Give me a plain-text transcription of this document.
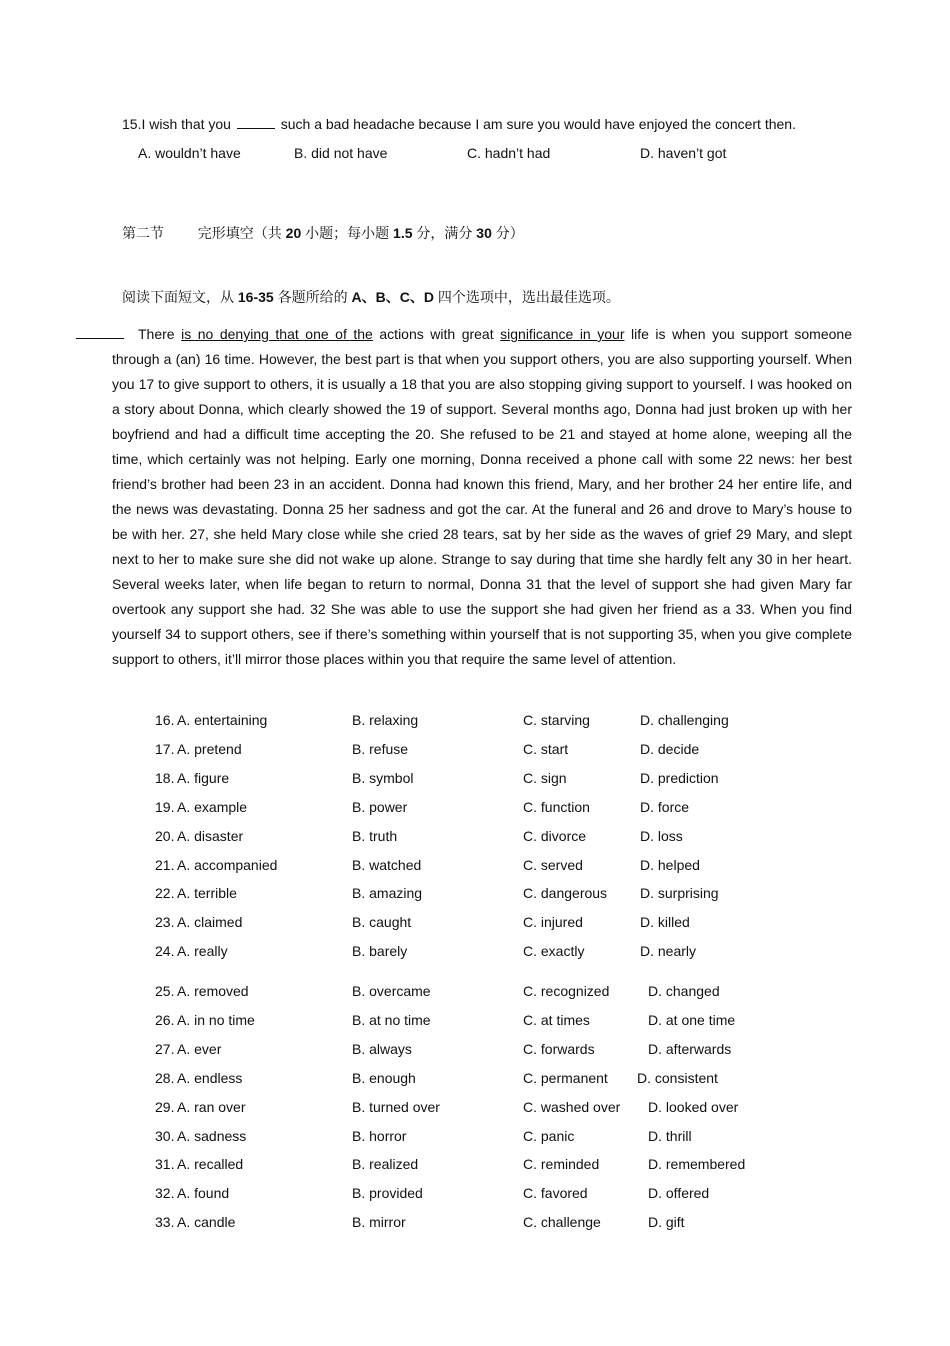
15.I wish that you	such a bad headache because I am sure you would have enjoyed the concert then.
A. wouldn’t have	B. did not have	C. hadn’t had	D. haven’t got
第二节 完形填空（共 20 小题；每小题 1.5 分，满分 30 分）
阅读下面短文，从 16-35 各题所给的 A、B、C、D 四个选项中，选出最佳选项。
There is no denying that one of the actions with great significance in your life is when you support someone through a (an) 16 time. However, the best part is that when you support others, you are also supporting yourself. When you 17 to give support to others, it is usually a 18 that you are also stopping giving support to yourself. I was hooked on a story about Donna, which clearly showed the 19 of support. Several months ago, Donna had just broken up with her boyfriend and had a difficult time accepting the 20. She refused to be 21 and stayed at home alone, weeping all the time, which certainly was not helping. Early one morning, Donna received a phone call with some 22 news: her best friend’s brother had been 23 in an accident. Donna had known this friend, Mary, and her brother 24 her entire life, and the news was devastating. Donna 25 her sadness and got the car. At the funeral and 26 and drove to Mary’s house to be with her. 27, she held Mary close while she cried 28 tears, sat by her side as the waves of grief 29 Mary, and slept next to her to make sure she did not wake up alone. Strange to say during that time she hardly felt any 30 in her heart. Several weeks later, when life began to return to normal, Donna 31 that the level of support she had given Mary far overtook any support she had. 32 She was able to use the support she had given her friend as a 33. When you find yourself 34 to support others, see if there’s something within yourself that is not supporting 35, when you give complete support to others, it’ll mirror those places within you that require the same level of attention.
16. A. entertaining	B. relaxing	C. starving	D. challenging
17. A. pretend	B. refuse	C. start	D. decide
18. A. figure	B. symbol	C. sign	D. prediction
19. A. example	B. power	C. function	D. force
20. A. disaster	B. truth	C. divorce	D. loss
21. A. accompanied	B. watched	C. served	D. helped
22. A. terrible	B. amazing	C. dangerous D. surprising
23. A. claimed	B. caught	C. injured	D. killed
24. A. really	B. barely	C. exactly	D. nearly
25. A. removed	B. overcame	C. recognized	D. changed
26. A. in no time	B. at no time	C. at times	D. at one time
27. A. ever	B. always	C. forwards	D. afterwards
28. A. endless	B. enough	C. permanent D. consistent
29. A. ran over	B. turned over	C. washed over D. looked over
30. A. sadness	B. horror	C. panic	D. thrill
31. A. recalled	B. realized	C. reminded	D. remembered
32. A. found	B. provided	C. favored	D. offered
33. A. candle	B. mirror	C. challenge	D. gift
